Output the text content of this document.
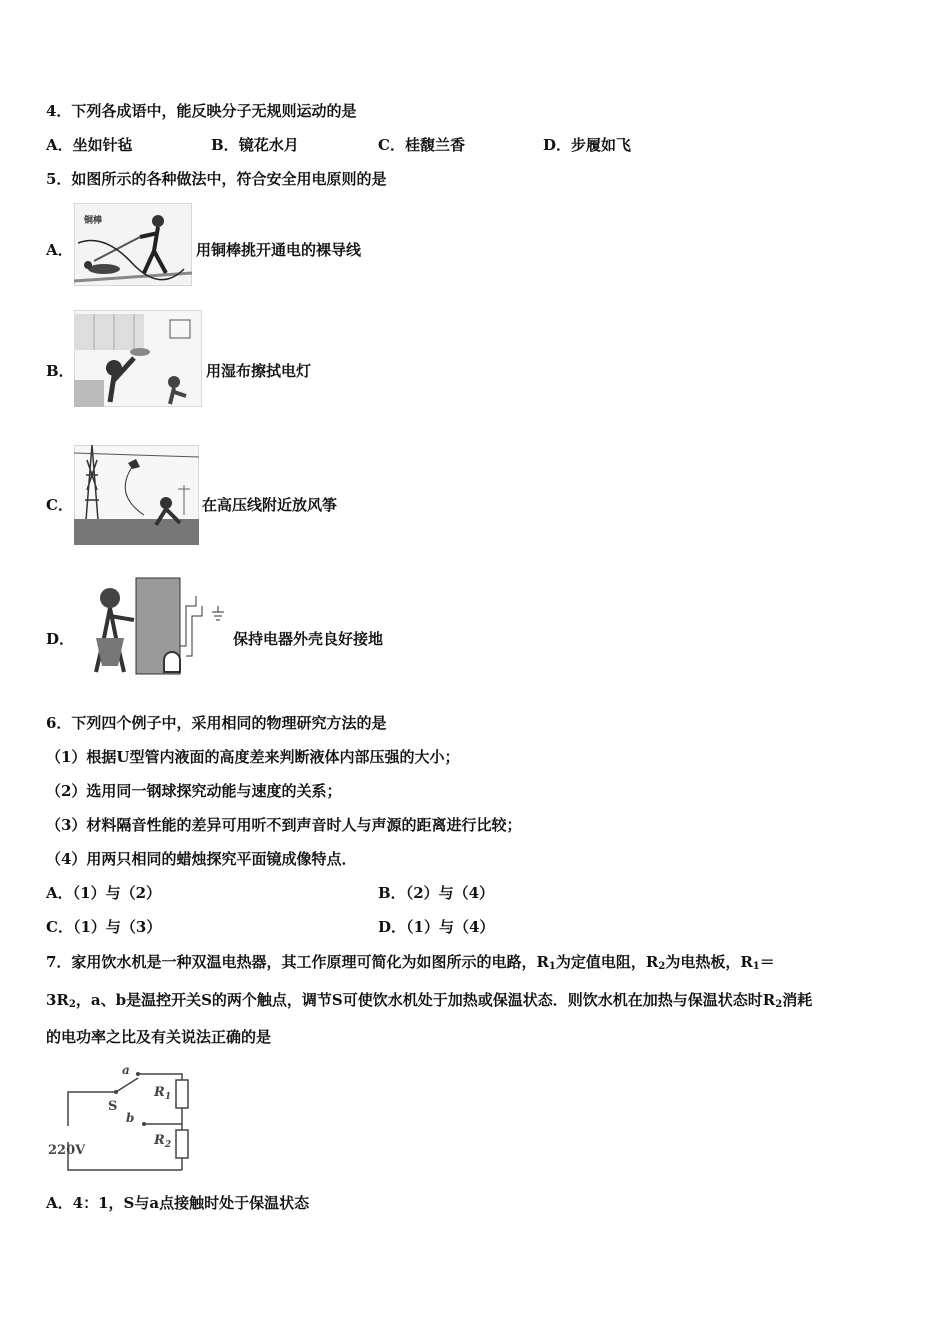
4．下列各成语中，能反映分子无规则运动的是
A．坐如针毡	B．镜花水月	C．桂馥兰香	D．步履如飞
5．如图所示的各种做法中，符合安全用电原则的是
A．
铜棒
用铜棒挑开通电的裸导线
B．	用湿布擦拭电灯
C．	在高压线附近放风筝
D．	保持电器外壳良好接地
6．下列四个例子中，采用相同的物理研究方法的是
（1）根据U型管内液面的高度差来判断液体内部压强的大小；
（2）选用同一钢球探究动能与速度的关系；
（3）材料隔音性能的差异可用听不到声音时人与声源的距离进行比较；
（4）用两只相同的蜡烛探究平面镜成像特点．
A．（1）与（2）	B．（2）与（4）
C．（1）与（3）	D．（1）与（4）
7．家用饮水机是一种双温电热器，其工作原理可简化为如图所示的电路，$R_1$为定值电阻，$R_2$为电热板，$R_1=$
$3R_2$，a、b是温控开关S的两个触点，调节S可使饮水机处于加热或保温状态．则饮水机在加热与保温状态时$R_2$消耗
的电功率之比及有关说法正确的是
a
S
b
$R_1$
$R_2$
220V
A．4：1，S与a点接触时处于保温状态
